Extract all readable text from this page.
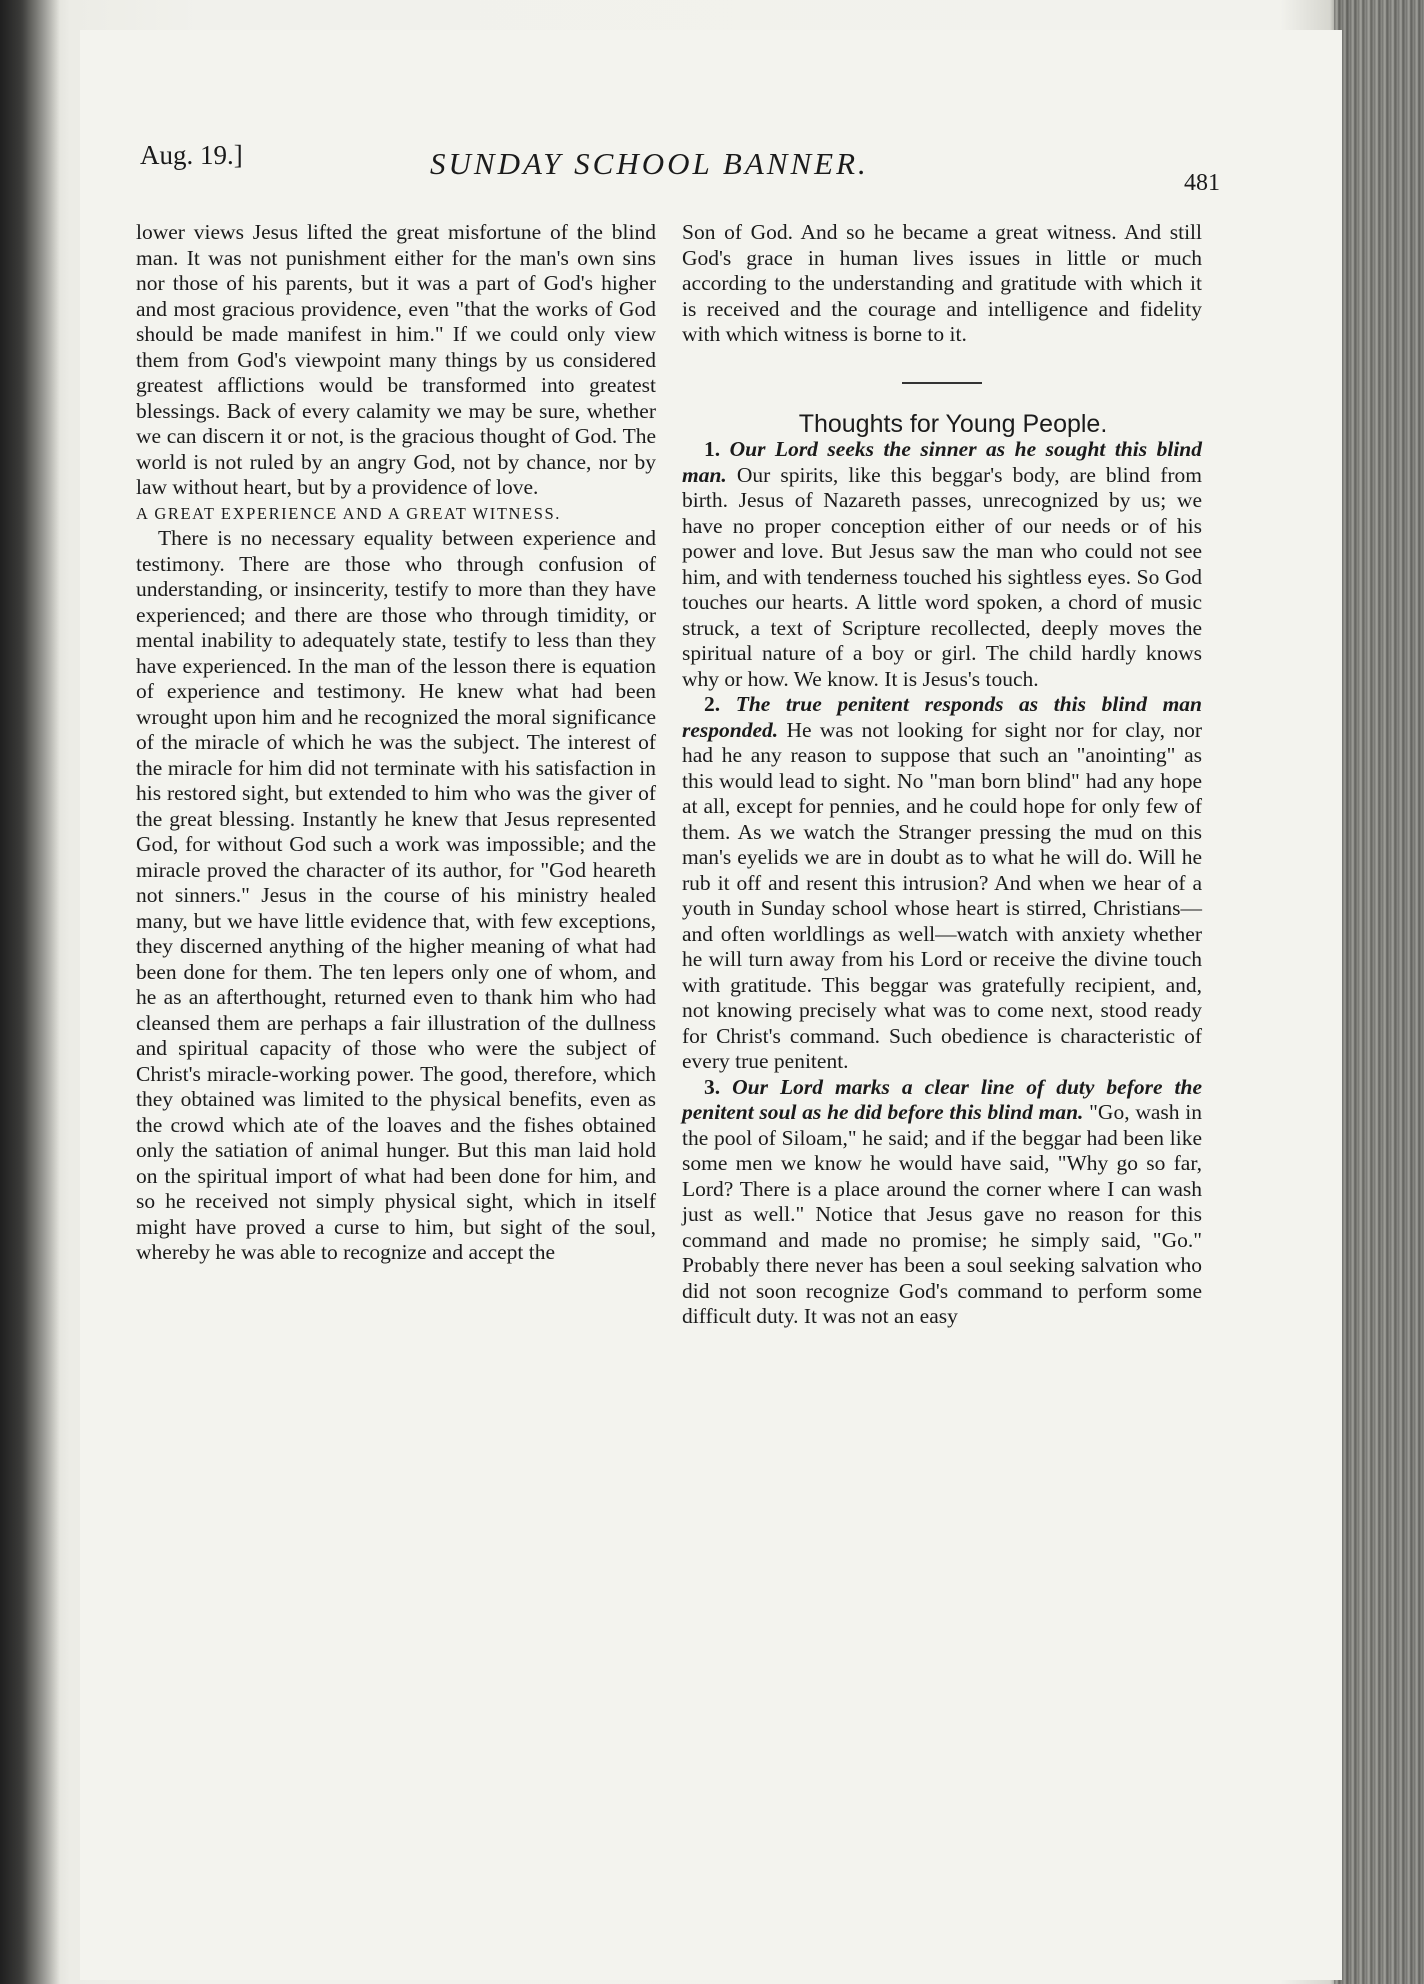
Aug. 19.]	SUNDAY SCHOOL BANNER.
481

lower views Jesus lifted the great misfortune of the blind man. It was not punishment either for the man's own sins nor those of his parents, but it was a part of God's higher and most gracious providence, even "that the works of God should be made manifest in him." If we could only view them from God's viewpoint many things by us considered greatest afflictions would be transformed into greatest blessings. Back of every calamity we may be sure, whether we can discern it or not, is the gracious thought of God. The world is not ruled by an angry God, not by chance, nor by law without heart, but by a providence of love.

A GREAT EXPERIENCE AND A GREAT WITNESS.

There is no necessary equality between experience and testimony. There are those who through confusion of understanding, or insincerity, testify to more than they have experienced; and there are those who through timidity, or mental inability to adequately state, testify to less than they have experienced. In the man of the lesson there is equation of experience and testimony. He knew what had been wrought upon him and he recognized the moral significance of the miracle of which he was the subject. The interest of the miracle for him did not terminate with his satisfaction in his restored sight, but extended to him who was the giver of the great blessing. Instantly he knew that Jesus represented God, for without God such a work was impossible; and the miracle proved the character of its author, for "God heareth not sinners." Jesus in the course of his ministry healed many, but we have little evidence that, with few exceptions, they discerned anything of the higher meaning of what had been done for them. The ten lepers only one of whom, and he as an afterthought, returned even to thank him who had cleansed them are perhaps a fair illustration of the dullness and spiritual capacity of those who were the subject of Christ's miracle-working power. The good, therefore, which they obtained was limited to the physical benefits, even as the crowd which ate of the loaves and the fishes obtained only the satiation of animal hunger. But this man laid hold on the spiritual import of what had been done for him, and so he received not simply physical sight, which in itself might have proved a curse to him, but sight of the soul, whereby he was able to recognize and accept the

Son of God. And so he became a great witness. And still God's grace in human lives issues in little or much according to the understanding and gratitude with which it is received and the courage and intelligence and fidelity with which witness is borne to it.

Thoughts for Young People.

1. Our Lord seeks the sinner as he sought this blind man. Our spirits, like this beggar's body, are blind from birth. Jesus of Nazareth passes, unrecognized by us; we have no proper conception either of our needs or of his power and love. But Jesus saw the man who could not see him, and with tenderness touched his sightless eyes. So God touches our hearts. A little word spoken, a chord of music struck, a text of Scripture recollected, deeply moves the spiritual nature of a boy or girl. The child hardly knows why or how. We know. It is Jesus's touch.

2. The true penitent responds as this blind man responded. He was not looking for sight nor for clay, nor had he any reason to suppose that such an "anointing" as this would lead to sight. No "man born blind" had any hope at all, except for pennies, and he could hope for only few of them. As we watch the Stranger pressing the mud on this man's eyelids we are in doubt as to what he will do. Will he rub it off and resent this intrusion? And when we hear of a youth in Sunday school whose heart is stirred, Christians—and often worldlings as well—watch with anxiety whether he will turn away from his Lord or receive the divine touch with gratitude. This beggar was gratefully recipient, and, not knowing precisely what was to come next, stood ready for Christ's command. Such obedience is characteristic of every true penitent.

3. Our Lord marks a clear line of duty before the penitent soul as he did before this blind man. "Go, wash in the pool of Siloam," he said; and if the beggar had been like some men we know he would have said, "Why go so far, Lord? There is a place around the corner where I can wash just as well." Notice that Jesus gave no reason for this command and made no promise; he simply said, "Go." Probably there never has been a soul seeking salvation who did not soon recognize God's command to perform some difficult duty. It was not an easy
